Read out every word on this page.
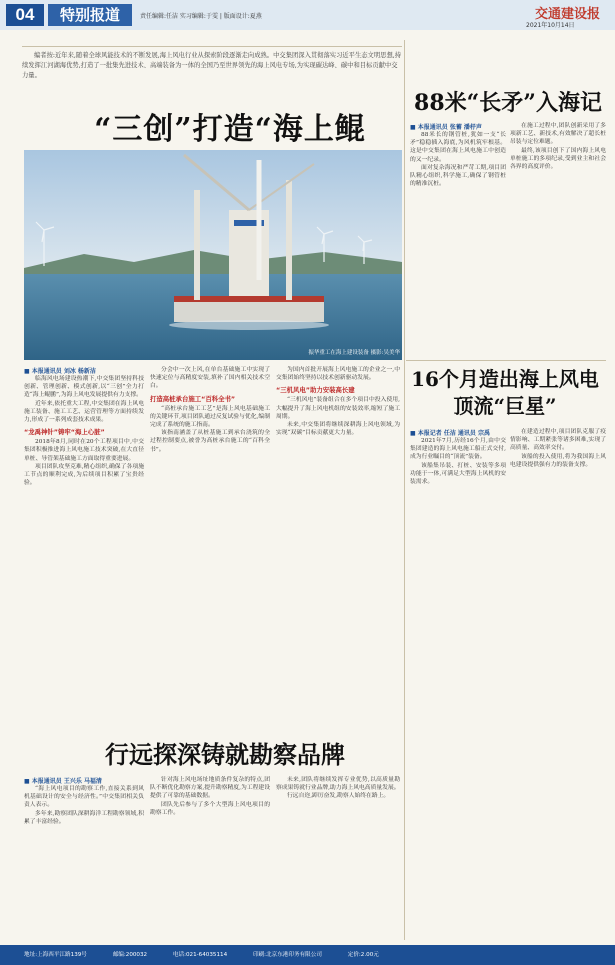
04	特别报道	责任编辑:任洁 实习编辑:于雯 | 版面设计:夏燕	交通建设报
2021年10月14日
编者按:近年来,随着全球风能技术的不断发展,海上风电行业从探索阶段逐渐走向成熟。中交集团深入贯彻落实习近平生态文明思想,持续发挥江河湖海优势,打造了一批集先进技术、高端装备为一体的全国乃至世界领先的海上风电专场,为实现碳达峰、碳中和目标贡献中交力量。
“三创”打造“海上鲲
振华重工在海上建设装备 摄影:吴美华
■ 本报通讯员 刘冰 杨新洁

临海风电场建设热潮下,中交集团坚持科技创新、管理创新、模式创新,以“三创”全力打造“海上鲲鹏”,为海上风电发展提供有力支撑。

近年来,依托重大工程,中交集团在海上风电施工装备、施工工艺、运营管理等方面持续发力,形成了一系列成套技术成果。

“龙禹神针”铸牢“海上心脏”

2018年8月,同时在20个工程项目中,中交集团积极推进海上风电施工技术突破,在大直径单桩、导管架基础施工方面取得重要进展。

项目团队攻坚克难,精心组织,确保了各项施工节点的顺利完成,为后续项目积累了宝贵经验。

分会中一次上风,在单台基础施工中实现了快速定位与高精度安装,填补了国内相关技术空白。

打造高桩承台施工“百科全书”

“高桩承台施工工艺”是海上风电基础施工的关键环节,项目团队通过反复试验与优化,编制完成了系统的施工指南。

该指南涵盖了从桩基施工到承台浇筑的全过程控制要点,被誉为高桩承台施工的“百科全书”。

为国内首批开展海上风电施工的企业之一,中交集团始终坚持以技术创新驱动发展。

“三机风电”助力安装高长建

“三机风电”装备组合在多个项目中投入使用,大幅提升了海上风电机组的安装效率,缩短了施工周期。

未来,中交集团将继续深耕海上风电领域,为实现“双碳”目标贡献更大力量。

88米“长矛”入海记
■ 本报通讯员 张蓄 潘杼声

88米长的钢管桩,犹如一支“长矛”稳稳插入海底,为风机筑牢根基。这是中交集团在海上风电施工中创造的又一纪录。

面对复杂海况和严苛工期,项目团队精心组织,科学施工,确保了钢管桩的精准沉桩。

在施工过程中,团队创新采用了多项新工艺、新技术,有效解决了超长桩吊装与定位难题。

最终,该项目创下了国内海上风电单桩施工的多项纪录,受到业主和社会各界的高度评价。

16个月造出海上风电顶流“巨星”
■ 本报记者 任洁 通讯员 宗禹

2021年7月,历经16个月,由中交集团建造的海上风电施工船正式交付,成为行业瞩目的“顶流”装备。

该船集吊装、打桩、安装等多项功能于一体,可满足大型海上风机的安装需求。

在建造过程中,项目团队克服了疫情影响、工期紧张等诸多困难,实现了高质量、高效率交付。

该船的投入使用,将为我国海上风电建设提供强有力的装备支撑。

行远探深铸就勘察品牌
■ 本报通讯员 王兴乐 马福清

“海上风电项目的勘察工作,直接关系到风机基础设计的安全与经济性。”中交集团相关负责人表示。

多年来,勘察团队深耕海洋工程勘察领域,积累了丰富经验。

针对海上风电场址地质条件复杂的特点,团队不断优化勘察方案,提升勘察精度,为工程建设提供了可靠的基础数据。

团队先后参与了多个大型海上风电项目的勘察工作。

未来,团队将继续发挥专业优势,以高质量勘察成果铸就行业品牌,助力海上风电高质量发展。

行远自迩,踔厉奋发,勘察人始终在路上。

地址:上海西平江路139号	邮编:200032	电话:021-64035114	印刷:北京东港印务有限公司	定价:2.00元
